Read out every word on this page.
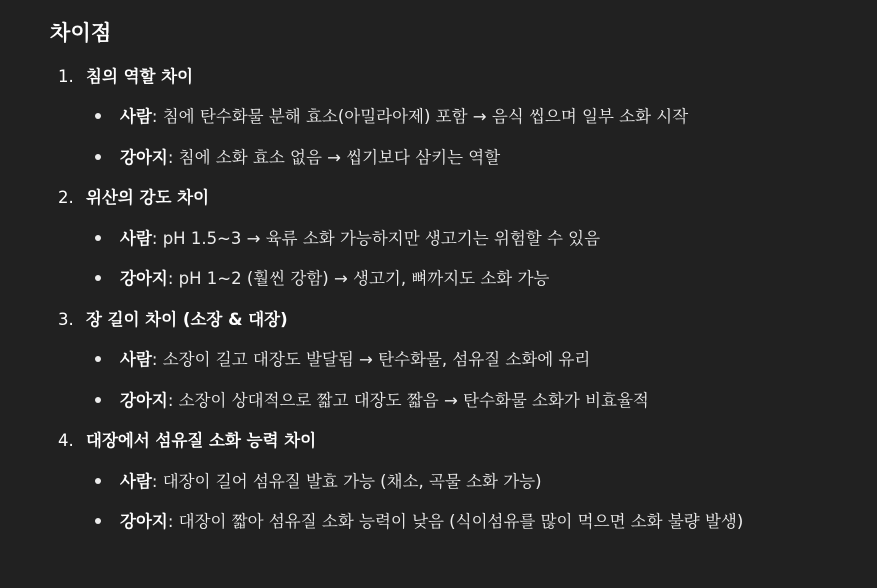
차이점
1. 침의 역할 차이
사람: 침에 탄수화물 분해 효소(아밀라아제) 포함 → 음식 씹으며 일부 소화 시작
강아지: 침에 소화 효소 없음 → 씹기보다 삼키는 역할
2. 위산의 강도 차이
사람: pH 1.5~3 → 육류 소화 가능하지만 생고기는 위험할 수 있음
강아지: pH 1~2 (훨씬 강함) → 생고기, 뼈까지도 소화 가능
3. 장 길이 차이 (소장 & 대장)
사람: 소장이 길고 대장도 발달됨 → 탄수화물, 섬유질 소화에 유리
강아지: 소장이 상대적으로 짧고 대장도 짧음 → 탄수화물 소화가 비효율적
4. 대장에서 섬유질 소화 능력 차이
사람: 대장이 길어 섬유질 발효 가능 (채소, 곡물 소화 가능)
강아지: 대장이 짧아 섬유질 소화 능력이 낮음 (식이섬유를 많이 먹으면 소화 불량 발생)
